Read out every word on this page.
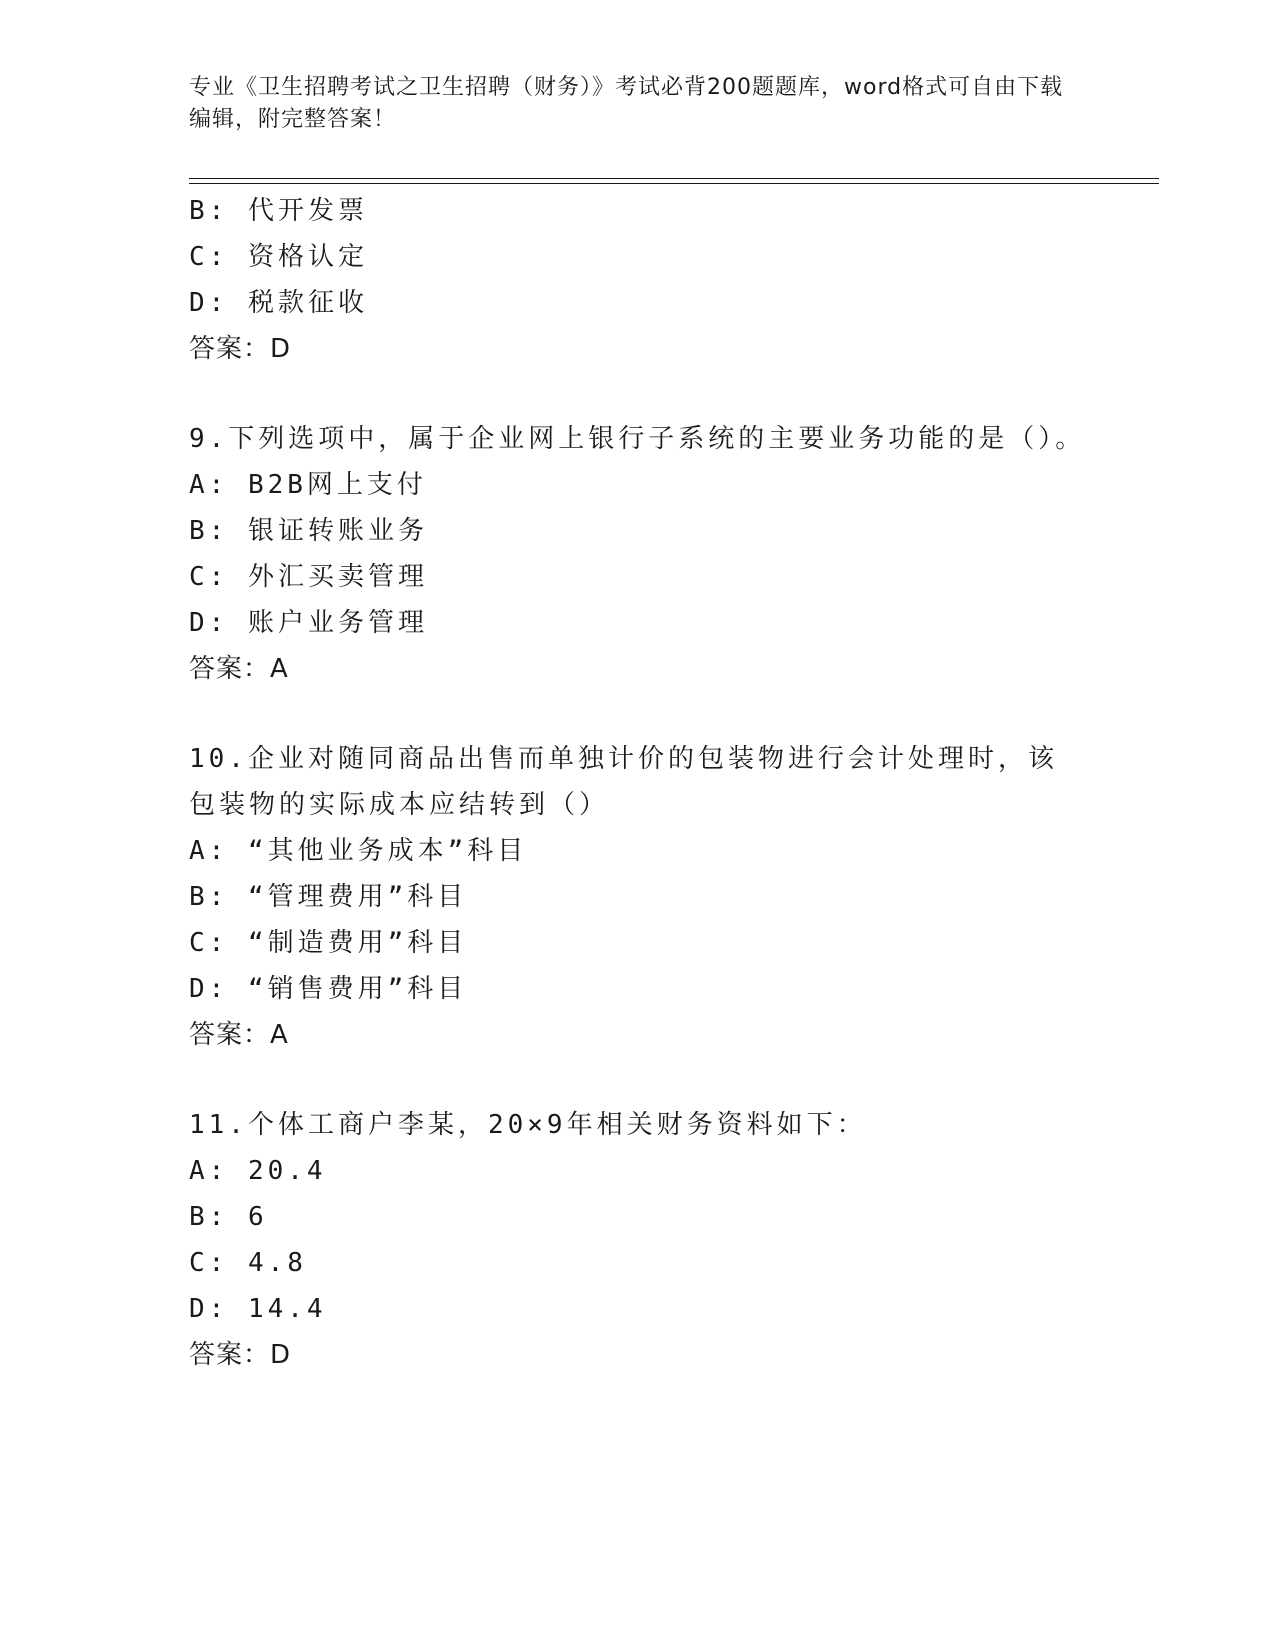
专业《卫生招聘考试之卫生招聘（财务）》考试必背200题题库，word格式可自由下载编辑，附完整答案！
B: 代开发票
C: 资格认定
D: 税款征收
答案：D
9.下列选项中，属于企业网上银行子系统的主要业务功能的是（）。
A: B2B网上支付
B: 银证转账业务
C: 外汇买卖管理
D: 账户业务管理
答案：A
10.企业对随同商品出售而单独计价的包装物进行会计处理时，该包装物的实际成本应结转到（）
A: “其他业务成本”科目
B: “管理费用”科目
C: “制造费用”科目
D: “销售费用”科目
答案：A
11.个体工商户李某，20×9年相关财务资料如下：
A: 20.4
B: 6
C: 4.8
D: 14.4
答案：D
